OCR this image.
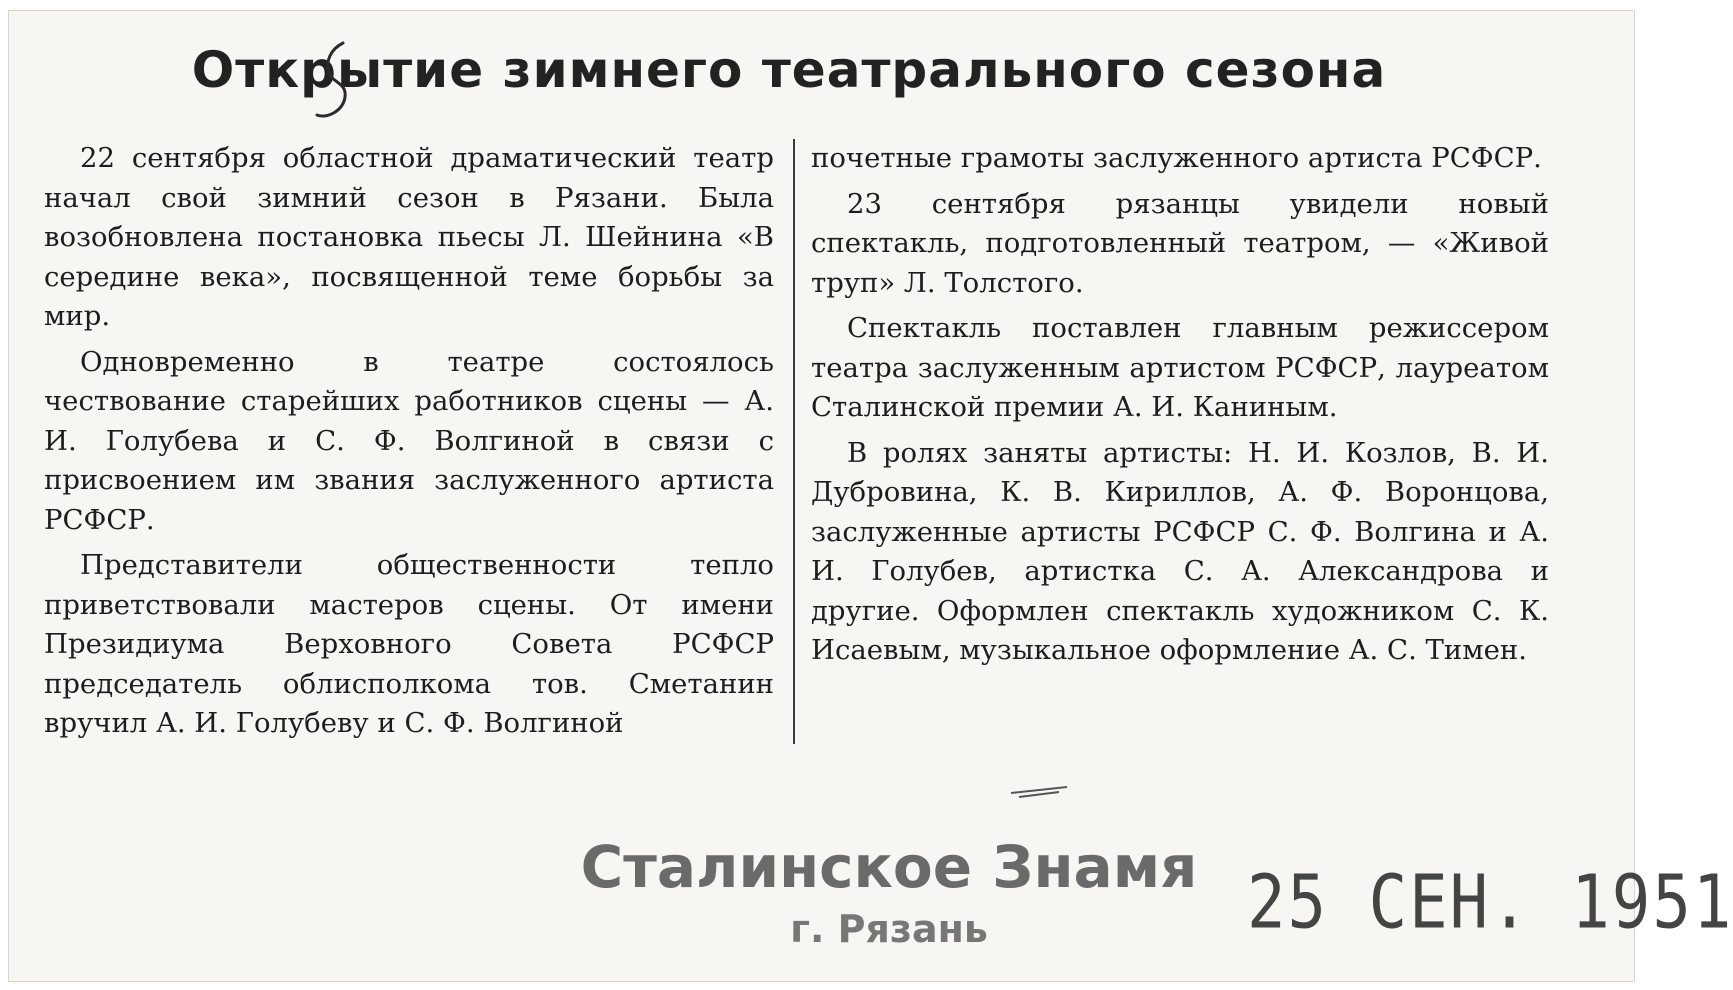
Открытие зимнего театрального сезона

22 сентября областной драматический театр начал свой зимний сезон в Рязани. Была возобновлена постановка пьесы Л. Шейнина «В середине века», посвященной теме борьбы за мир.

Одновременно в театре состоялось чествование старейших работников сцены — А. И. Голубева и С. Ф. Волгиной в связи с присвоением им звания заслуженного артиста РСФСР.

Представители общественности тепло приветствовали мастеров сцены. От имени Президиума Верховного Совета РСФСР председатель облисполкома тов. Сметанин вручил А. И. Голубеву и С. Ф. Волгиной

почетные грамоты заслуженного артиста РСФСР.

23 сентября рязанцы увидели новый спектакль, подготовленный театром, — «Живой труп» Л. Толстого.

Спектакль поставлен главным режиссером театра заслуженным артистом РСФСР, лауреатом Сталинской премии А. И. Каниным.

В ролях заняты артисты: Н. И. Козлов, В. И. Дубровина, К. В. Кириллов, А. Ф. Воронцова, заслуженные артисты РСФСР С. Ф. Волгина и А. И. Голубев, артистка С. А. Александрова и другие. Оформлен спектакль художником С. К. Исаевым, музыкальное оформление А. С. Тимен.

Сталинское Знамя
г. Рязань	25 СЕН. 1951
